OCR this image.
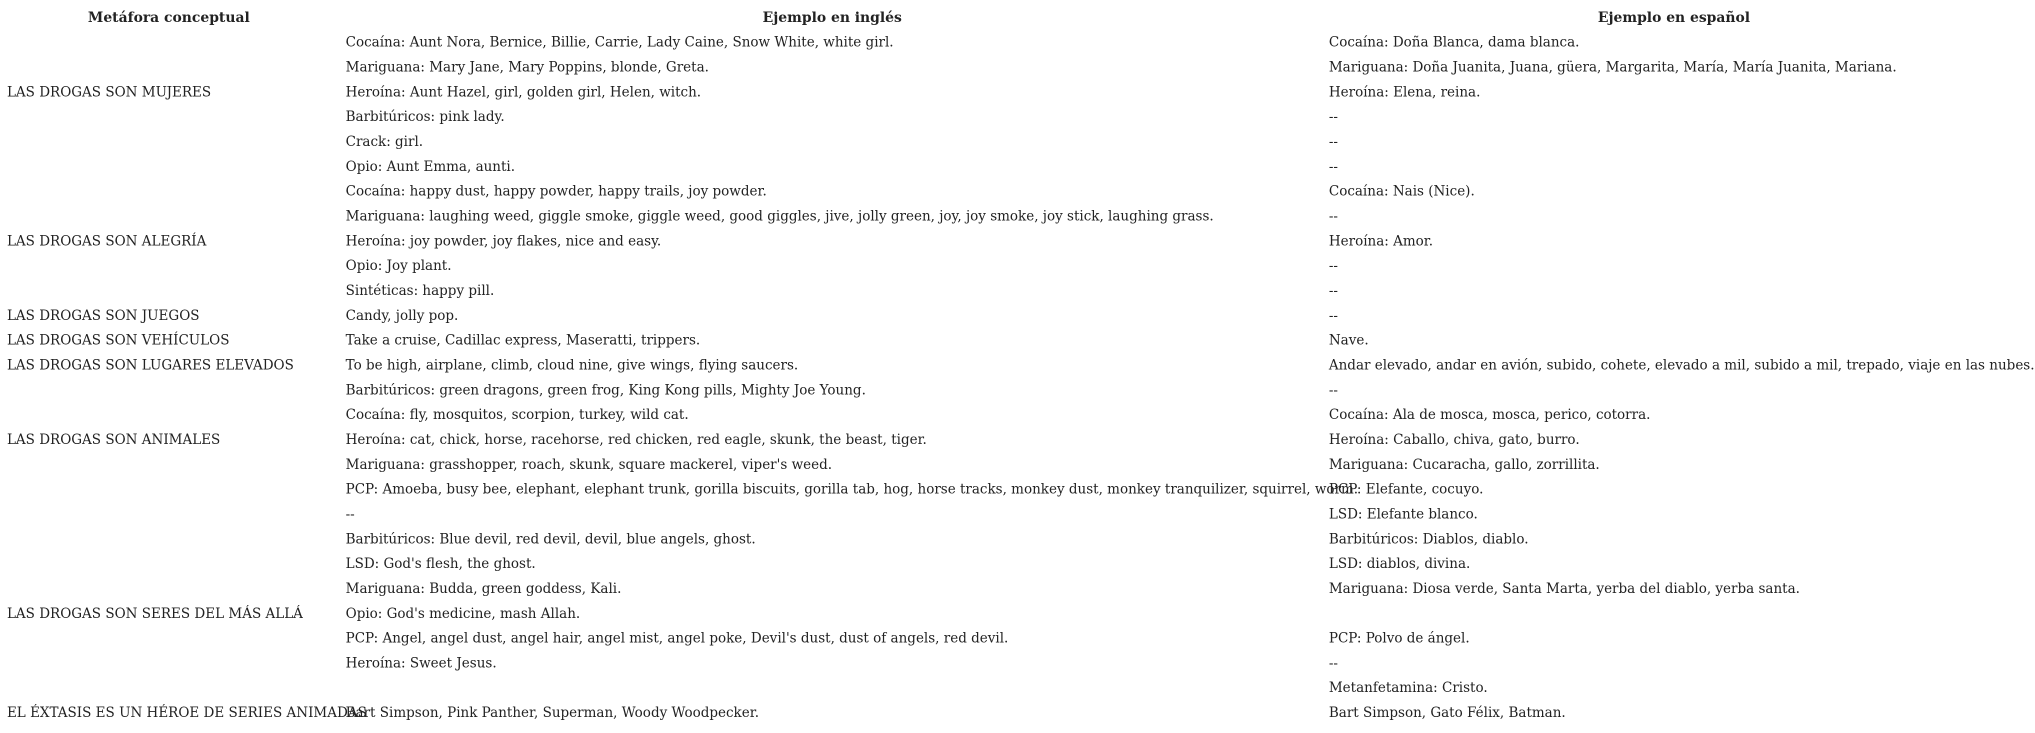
Metáfora conceptual	Ejemplo en inglés	Ejemplo en español
	Cocaína: Aunt Nora, Bernice, Billie, Carrie, Lady Caine, Snow White, white girl.	Cocaína: Doña Blanca, dama blanca.
	Mariguana: Mary Jane, Mary Poppins, blonde, Greta.	Mariguana: Doña Juanita, Juana, güera, Margarita, María, María Juanita, Mariana.
LAS DROGAS SON MUJERES	Heroína: Aunt Hazel, girl, golden girl, Helen, witch.	Heroína: Elena, reina.
	Barbitúricos: pink lady.	--
	Crack: girl.	--
	Opio: Aunt Emma, aunti.	--
	Cocaína: happy dust, happy powder, happy trails, joy powder.	Cocaína: Nais (Nice).
	Mariguana: laughing weed, giggle smoke, giggle weed, good giggles, jive, jolly green, joy, joy smoke, joy stick, laughing grass.	--
LAS DROGAS SON ALEGRÍA	Heroína: joy powder, joy flakes, nice and easy.	Heroína: Amor.
	Opio: Joy plant.	--
	Sintéticas: happy pill.	--
LAS DROGAS SON JUEGOS	Candy, jolly pop.	--
LAS DROGAS SON VEHÍCULOS	Take a cruise, Cadillac express, Maseratti, trippers.	Nave.
LAS DROGAS SON LUGARES ELEVADOS	To be high, airplane, climb, cloud nine, give wings, flying saucers.	Andar elevado, andar en avión, subido, cohete, elevado a mil, subido a mil, trepado, viaje en las nubes.
	Barbitúricos: green dragons, green frog, King Kong pills, Mighty Joe Young.	--
	Cocaína: fly, mosquitos, scorpion, turkey, wild cat.	Cocaína: Ala de mosca, mosca, perico, cotorra.
LAS DROGAS SON ANIMALES	Heroína: cat, chick, horse, racehorse, red chicken, red eagle, skunk, the beast, tiger.	Heroína: Caballo, chiva, gato, burro.
	Mariguana: grasshopper, roach, skunk, square mackerel, viper's weed.	Mariguana: Cucaracha, gallo, zorrillita.
	PCP: Amoeba, busy bee, elephant, elephant trunk, gorilla biscuits, gorilla tab, hog, horse tracks, monkey dust, monkey tranquilizer, squirrel, worm.	PCP: Elefante, cocuyo.
	--	LSD: Elefante blanco.
	Barbitúricos: Blue devil, red devil, devil, blue angels, ghost.	Barbitúricos: Diablos, diablo.
	LSD: God's flesh, the ghost.	LSD: diablos, divina.
	Mariguana: Budda, green goddess, Kali.	Mariguana: Diosa verde, Santa Marta, yerba del diablo, yerba santa.
LAS DROGAS SON SERES DEL MÁS ALLÁ	Opio: God's medicine, mash Allah.	
	PCP: Angel, angel dust, angel hair, angel mist, angel poke, Devil's dust, dust of angels, red devil.	PCP: Polvo de ángel.
	Heroína: Sweet Jesus.	--
		Metanfetamina: Cristo.
EL ÉXTASIS ES UN HÉROE DE SERIES ANIMADAS	Bart Simpson, Pink Panther, Superman, Woody Woodpecker.	Bart Simpson, Gato Félix, Batman.
